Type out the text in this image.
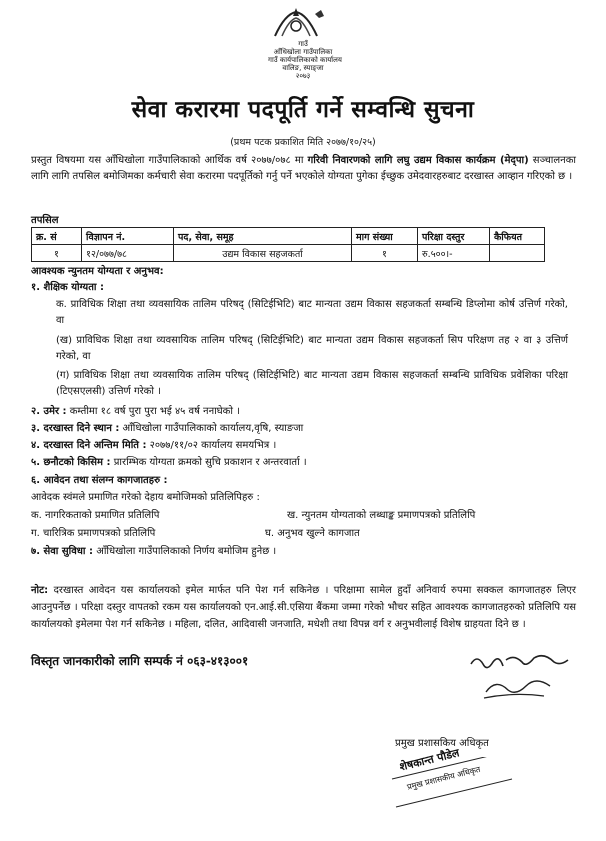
गाउँ
आँधिखोला गाउँपालिका
गाउँ कार्यपालिकाको कार्यालय
वालिङ, स्याङ्जा
२०७३
सेवा करारमा पदपूर्ति गर्ने सम्वन्धि सुचना
(प्रथम पटक प्रकाशित मिति २०७७/१०/२५)
प्रस्तुत विषयमा यस आँधिखोला गाउँपालिकाको आर्थिक वर्ष २०७७/०७८ मा गरिवी निवारणको लागि लघु उद्यम विकास कार्यक्रम (मेद्पा) सञ्चालनका लागि लागि तपसिल बमोजिमका कर्मचारी सेवा करारमा पदपूर्तिको गर्नु पर्ने भएकोले योग्यता पुगेका ईच्छुक उमेदवारहरुबाट दरखास्त आव्हान गरिएको छ ।
तपसिल
क्र. सं	विज्ञापन नं.	पद, सेवा, समूह	माग संख्या	परिक्षा दस्तुर	कैफियत
१	१२/०७७/७८	उद्यम विकास सहजकर्ता	१	रु.५००।-	
आवश्यक न्युनतम योग्यता र अनुभव:
१. शैक्षिक योग्यता :
क. प्राविधिक शिक्षा तथा व्यवसायिक तालिम परिषद् (सिटिईभिटि) बाट मान्यता उद्यम विकास सहजकर्ता सम्बन्धि डिप्लोमा कोर्ष उत्तिर्ण गरेको, वा
(ख) प्राविधिक शिक्षा तथा व्यवसायिक तालिम परिषद् (सिटिईभिटि) बाट मान्यता उद्यम विकास सहजकर्ता सिप परिक्षण तह २ वा ३ उत्तिर्ण गरेको, वा
(ग) प्राविधिक शिक्षा तथा व्यवसायिक तालिम परिषद् (सिटिईभिटि) बाट मान्यता उद्यम विकास सहजकर्ता सम्बन्धि प्राविधिक प्रवेशिका परिक्षा (टिएसएलसी) उत्तिर्ण गरेको ।
२. उमेर : कम्तीमा १८ वर्ष पुरा पुरा भई ४५ वर्ष ननाघेको ।
३. दरखास्त दिने स्थान : आँधिखोला गाउँपालिकाको कार्यालय,वृषि, स्याङजा
४. दरखास्त दिने अन्तिम मिति : २०७७/११/०२ कार्यालय समयभित्र ।
५. छनौटको किसिम : प्रारम्भिक योग्यता क्रमको सुचि प्रकाशन र अन्तरवार्ता ।
६. आवेदन तथा संलग्न कागजातहरु :
आवेदक स्वंमले प्रमाणित गरेको देहाय बमोजिमको प्रतिलिपिहरु :
क. नागरिकताको प्रमाणित प्रतिलिपि	ख. न्युनतम योग्यताको लब्धाङ्क प्रमाणपत्रको प्रतिलिपि
ग. चारित्रिक प्रमाणपत्रको प्रतिलिपि	घ. अनुभव खुल्ने कागजात
७. सेवा सुविधा : आँधिखोला गाउँपालिकाको निर्णय बमोजिम हुनेछ ।
नोट: दरखास्त आवेदन यस कार्यालयको इमेल मार्फत पनि पेश गर्न सकिनेछ । परिक्षामा सामेल हुदाँ अनिवार्य रुपमा सक्कल कागजातहरु लिएर आउनुपर्नेछ । परिक्षा दस्तुर वापतको रकम यस कार्यालयको एन.आई.सी.एसिया बैंकमा जम्मा गरेको भौचर सहित आवश्यक कागजातहरुको प्रतिलिपि यस कार्यालयको इमेलमा पेश गर्न सकिनेछ । महिला, दलित, आदिवासी जनजाति, मधेशी तथा विपन्न वर्ग र अनुभवीलाई विशेष ग्राहयता दिने छ ।
विस्तृत जानकारीको लागि सम्पर्क नं ०६३-४१३००१
प्रमुख प्रशासकिय अधिकृत
शेषकान्त पौडेल
प्रमुख प्रशासकीय अधिकृत
